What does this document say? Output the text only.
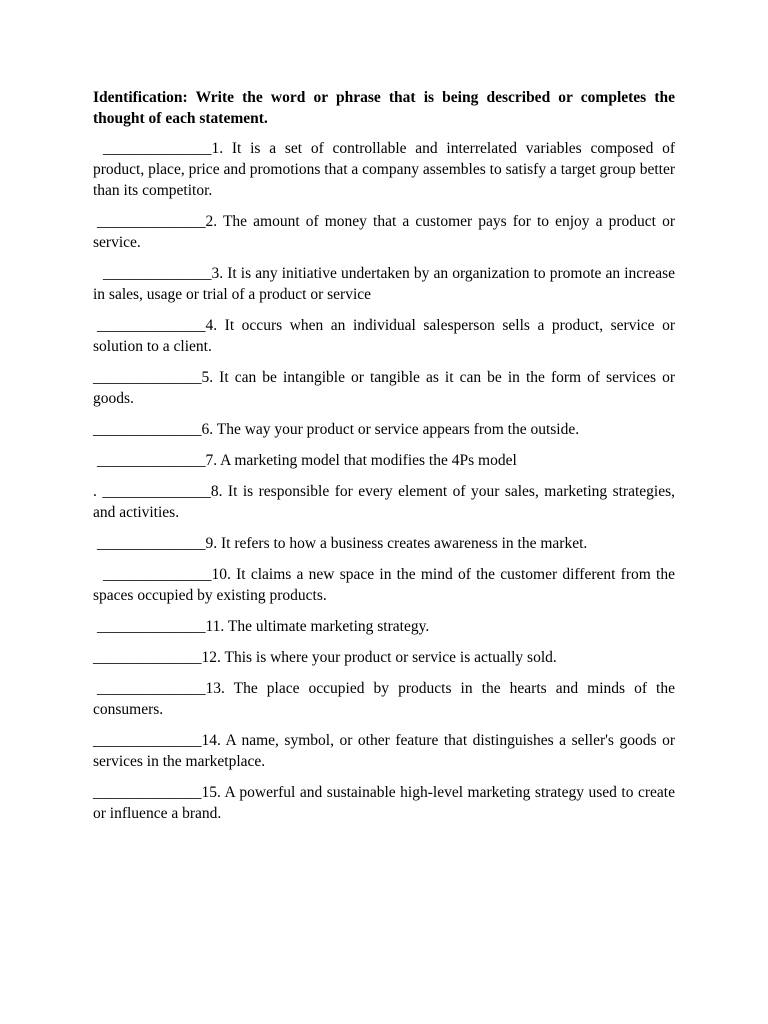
Identification: Write the word or phrase that is being described or completes the thought of each statement.

______________1. It is a set of controllable and interrelated variables composed of product, place, price and promotions that a company assembles to satisfy a target group better than its competitor.

______________2. The amount of money that a customer pays for to enjoy a product or service.

______________3. It is any initiative undertaken by an organization to promote an increase in sales, usage or trial of a product or service

______________4. It occurs when an individual salesperson sells a product, service or solution to a client.

______________5. It can be intangible or tangible as it can be in the form of services or goods.

______________6. The way your product or service appears from the outside.

______________7. A marketing model that modifies the 4Ps model

. ______________8. It is responsible for every element of your sales, marketing strategies, and activities.

______________9. It refers to how a business creates awareness in the market.

______________10. It claims a new space in the mind of the customer different from the spaces occupied by existing products.

______________11. The ultimate marketing strategy.

______________12. This is where your product or service is actually sold.

______________13. The place occupied by products in the hearts and minds of the consumers.

______________14. A name, symbol, or other feature that distinguishes a seller's goods or services in the marketplace.

______________15. A powerful and sustainable high-level marketing strategy used to create or influence a brand.
